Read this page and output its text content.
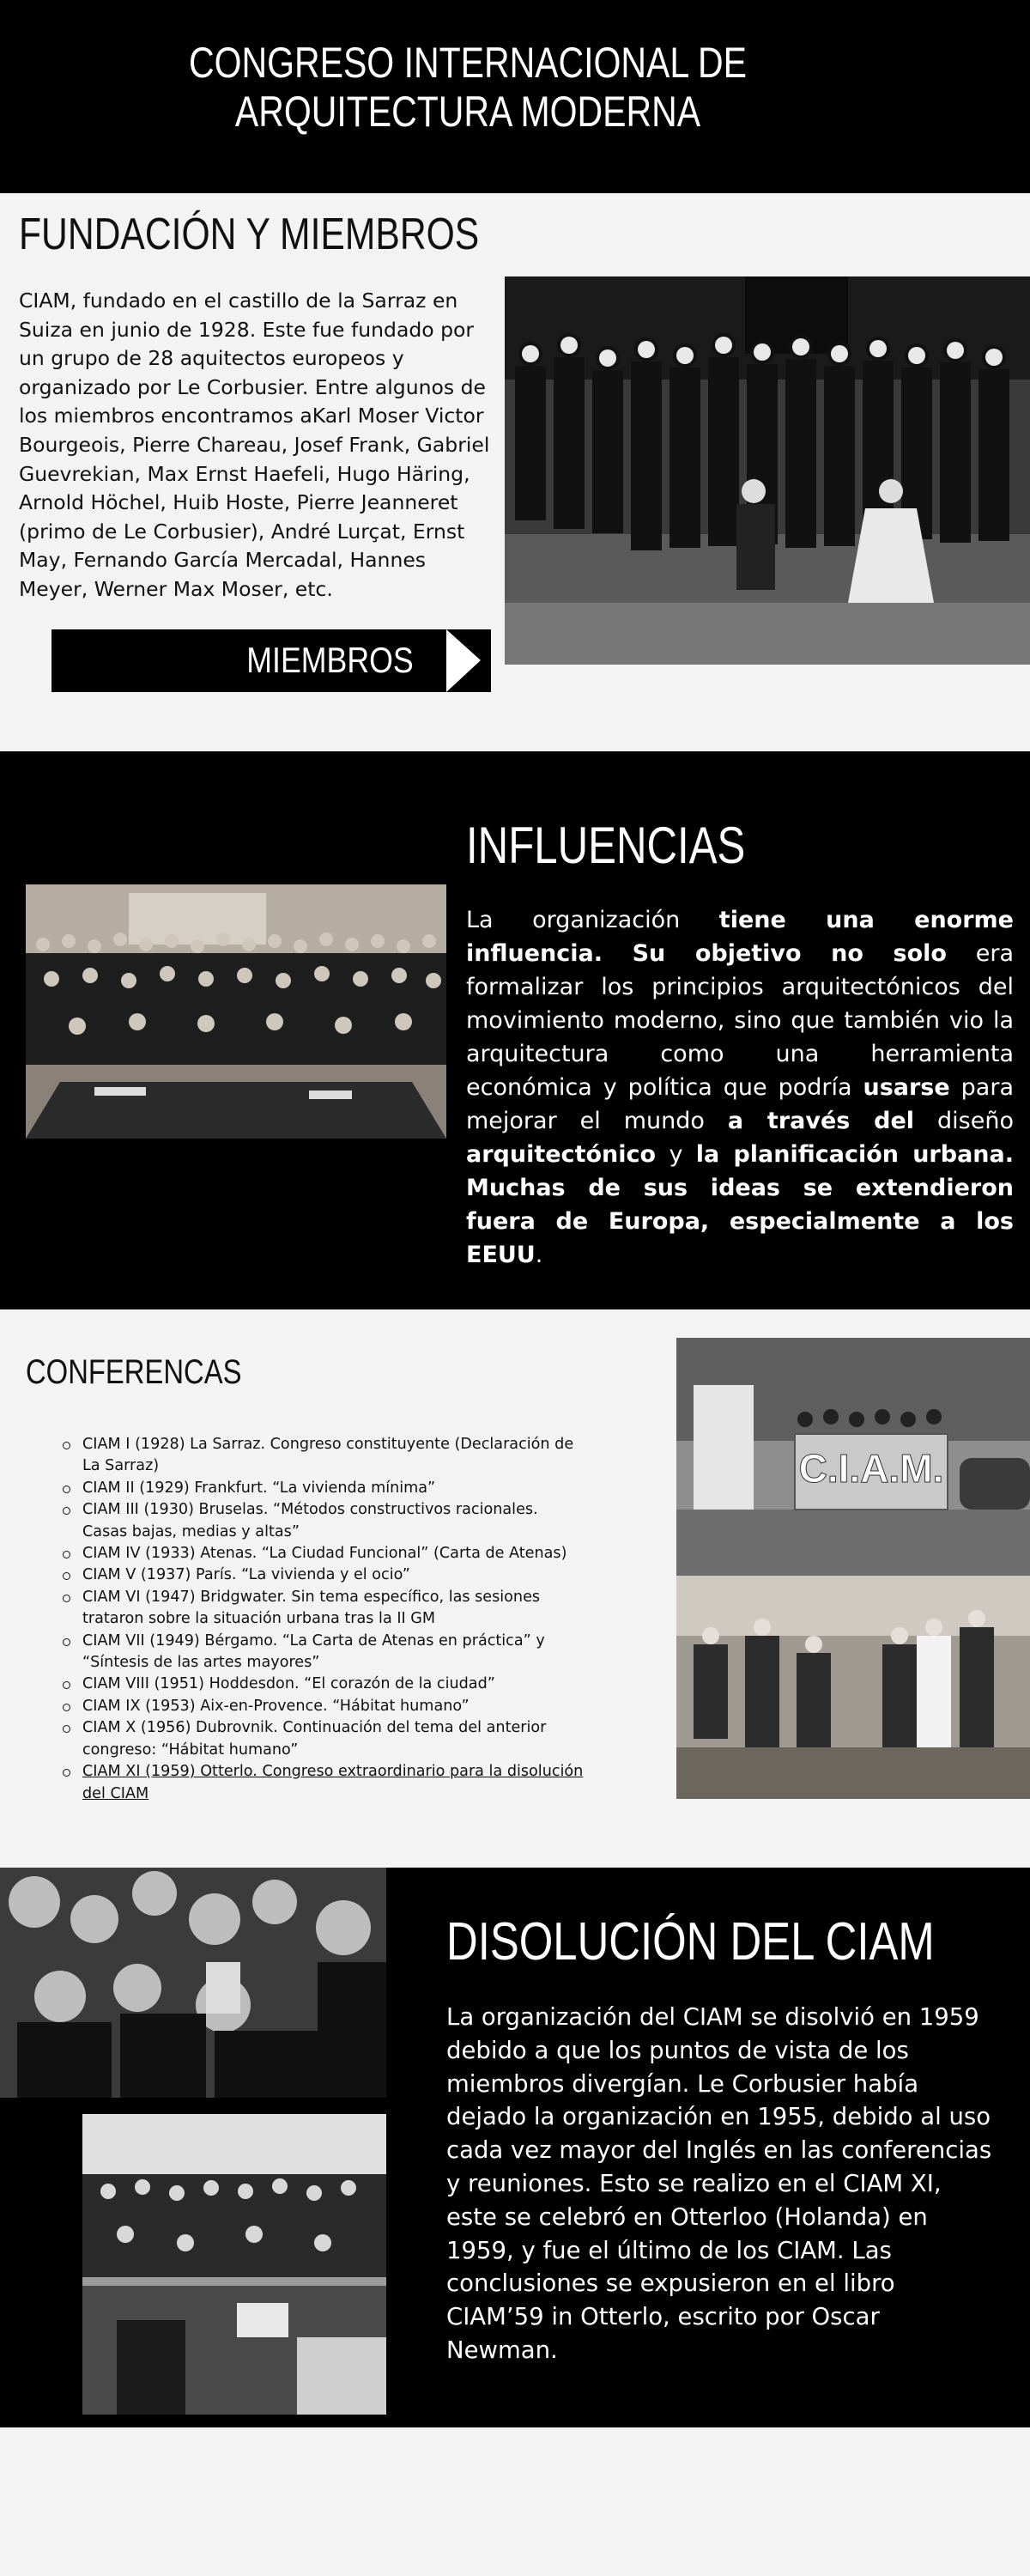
CONGRESO INTERNACIONAL DE
ARQUITECTURA MODERNA
FUNDACIÓN Y MIEMBROS

CIAM, fundado en el castillo de la Sarraz en Suiza en junio de 1928. Este fue fundado por un grupo de 28 aquitectos europeos y organizado por Le Corbusier. Entre algunos de los miembros encontramos aKarl Moser Victor Bourgeois, Pierre Chareau, Josef Frank, Gabriel Guevrekian, Max Ernst Haefeli, Hugo Häring, Arnold Höchel, Huib Hoste, Pierre Jeanneret (primo de Le Corbusier), André Lurçat, Ernst May, Fernando García Mercadal, Hannes Meyer, Werner Max Moser, etc.

MIEMBROS
INFLUENCIAS

La organización tiene una enorme influencia. Su objetivo no solo era formalizar los principios arquitectónicos del movimiento moderno, sino que también vio la arquitectura como una herramienta económica y política que podría usarse para mejorar el mundo a través del diseño arquitectónico y la planificación urbana. Muchas de sus ideas se extendieron fuera de Europa, especialmente a los EEUU.

CONFERENCAS
CIAM I (1928) La Sarraz. Congreso constituyente (Declaración de La Sarraz)
CIAM II (1929) Frankfurt. “La vivienda mínima”
CIAM III (1930) Bruselas. “Métodos constructivos racionales. Casas bajas, medias y altas”
CIAM IV (1933) Atenas. “La Ciudad Funcional” (Carta de Atenas)
CIAM V (1937) París. “La vivienda y el ocio”
CIAM VI (1947) Bridgwater. Sin tema específico, las sesiones trataron sobre la situación urbana tras la II GM
CIAM VII (1949) Bérgamo. “La Carta de Atenas en práctica” y “Síntesis de las artes mayores”
CIAM VIII (1951) Hoddesdon. “El corazón de la ciudad”
CIAM IX (1953) Aix-en-Provence. “Hábitat humano”
CIAM X (1956) Dubrovnik. Continuación del tema del anterior congreso: “Hábitat humano”
CIAM XI (1959) Otterlo. Congreso extraordinario para la disolución del CIAM
C.I.A.M.
DISOLUCIÓN DEL CIAM

La organización del CIAM se disolvió en 1959 debido a que los puntos de vista de los miembros divergían. Le Corbusier había dejado la organización en 1955, debido al uso cada vez mayor del Inglés en las conferencias y reuniones. Esto se realizo en el CIAM XI, este se celebró en Otterloo (Holanda) en 1959, y fue el último de los CIAM. Las conclusiones se expusieron en el libro CIAM’59 in Otterlo, escrito por Oscar Newman.
